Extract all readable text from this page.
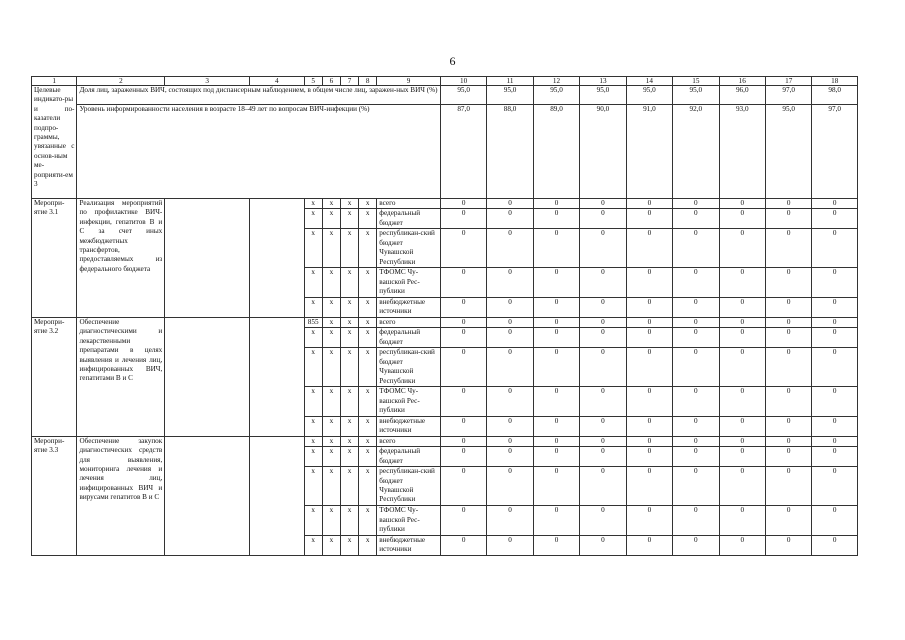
6
1	2	3	4	5	6	7	8	9	10	11	12	13	14	15	16	17	18
Целевые индикато-ры и по-казатели подпро-граммы, увязанные с основ-ным ме-роприяти-ем 3	Доля лиц, зараженных ВИЧ, состоящих под диспансерным наблюдением, в общем числе лиц, заражен-ных ВИЧ (%)								95,0	95,0	95,0	95,0	95,0	95,0	96,0	97,0	98,0
	Уровень информированности населения в возрасте 18–49 лет по вопросам ВИЧ-инфекции (%)								87,0	88,0	89,0	90,0	91,0	92,0	93,0	95,0	97,0
Меропри-ятие 3.1	Реализация мероприятий по профилактике ВИЧ-инфекции, гепатитов В и С за счет иных межбюджетных трансфертов, предоставляемых из федерального бюджета			х	х	х	х	всего	0	0	0	0	0	0	0	0	0
				х	х	х	х	федеральный бюджет	0	0	0	0	0	0	0	0	0
				х	х	х	х	республикан-ский бюджет Чувашской Республики	0	0	0	0	0	0	0	0	0
				х	х	х	х	ТФОМС Чу-вашской Рес-публики	0	0	0	0	0	0	0	0	0
				х	х	х	х	внебюджетные источники	0	0	0	0	0	0	0	0	0
Меропри-ятие 3.2	Обеспечение диагностическими и лекарственными препаратами в целях выявления и лечения лиц, инфицированных ВИЧ, гепатитами В и С			855	х	х	х	всего	0	0	0	0	0	0	0	0	0
				х	х	х	х	федеральный бюджет	0	0	0	0	0	0	0	0	0
				х	х	х	х	республикан-ский бюджет Чувашской Республики	0	0	0	0	0	0	0	0	0
				х	х	х	х	ТФОМС Чу-вашской Рес-публики	0	0	0	0	0	0	0	0	0
				х	х	х	х	внебюджетные источники	0	0	0	0	0	0	0	0	0
Меропри-ятие 3.3	Обеспечение закупок диагностических средств для выявления, мониторинга лечения и лечения лиц, инфицированных ВИЧ и вирусами гепатитов В и С			х	х	х	х	всего	0	0	0	0	0	0	0	0	0
				х	х	х	х	федеральный бюджет	0	0	0	0	0	0	0	0	0
				х	х	х	х	республикан-ский бюджет Чувашской Республики	0	0	0	0	0	0	0	0	0
				х	х	х	х	ТФОМС Чу-вашской Рес-публики	0	0	0	0	0	0	0	0	0
				х	х	х	х	внебюджетные источники	0	0	0	0	0	0	0	0	0
